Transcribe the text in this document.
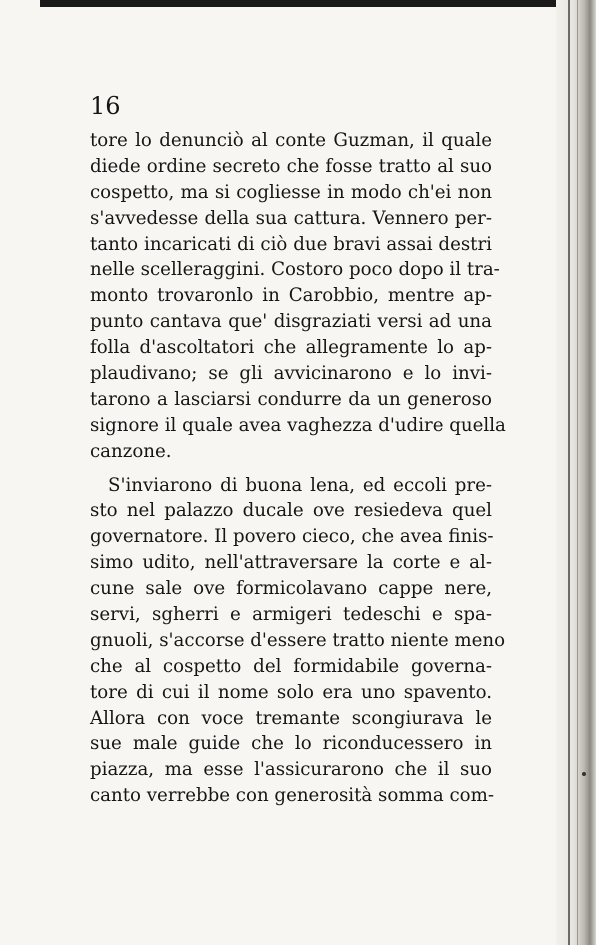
16
tore lo denunciò al conte Guzman, il quale
diede ordine secreto che fosse tratto al suo
cospetto, ma si cogliesse in modo ch'ei non
s'avvedesse della sua cattura. Vennero per-
tanto incaricati di ciò due bravi assai destri
nelle scelleraggini. Costoro poco dopo il tra-
monto trovaronlo in Carobbio, mentre ap-
punto cantava que' disgraziati versi ad una
folla d'ascoltatori che allegramente lo ap-
plaudivano; se gli avvicinarono e lo invi-
tarono a lasciarsi condurre da un generoso
signore il quale avea vaghezza d'udire quella
canzone.
S'inviarono di buona lena, ed eccoli pre-
sto nel palazzo ducale ove resiedeva quel
governatore. Il povero cieco, che avea finis-
simo udito, nell'attraversare la corte e al-
cune sale ove formicolavano cappe nere,
servi, sgherri e armigeri tedeschi e spa-
gnuoli, s'accorse d'essere tratto niente meno
che al cospetto del formidabile governa-
tore di cui il nome solo era uno spavento.
Allora con voce tremante scongiurava le
sue male guide che lo riconducessero in
piazza, ma esse l'assicurarono che il suo
canto verrebbe con generosità somma com-
